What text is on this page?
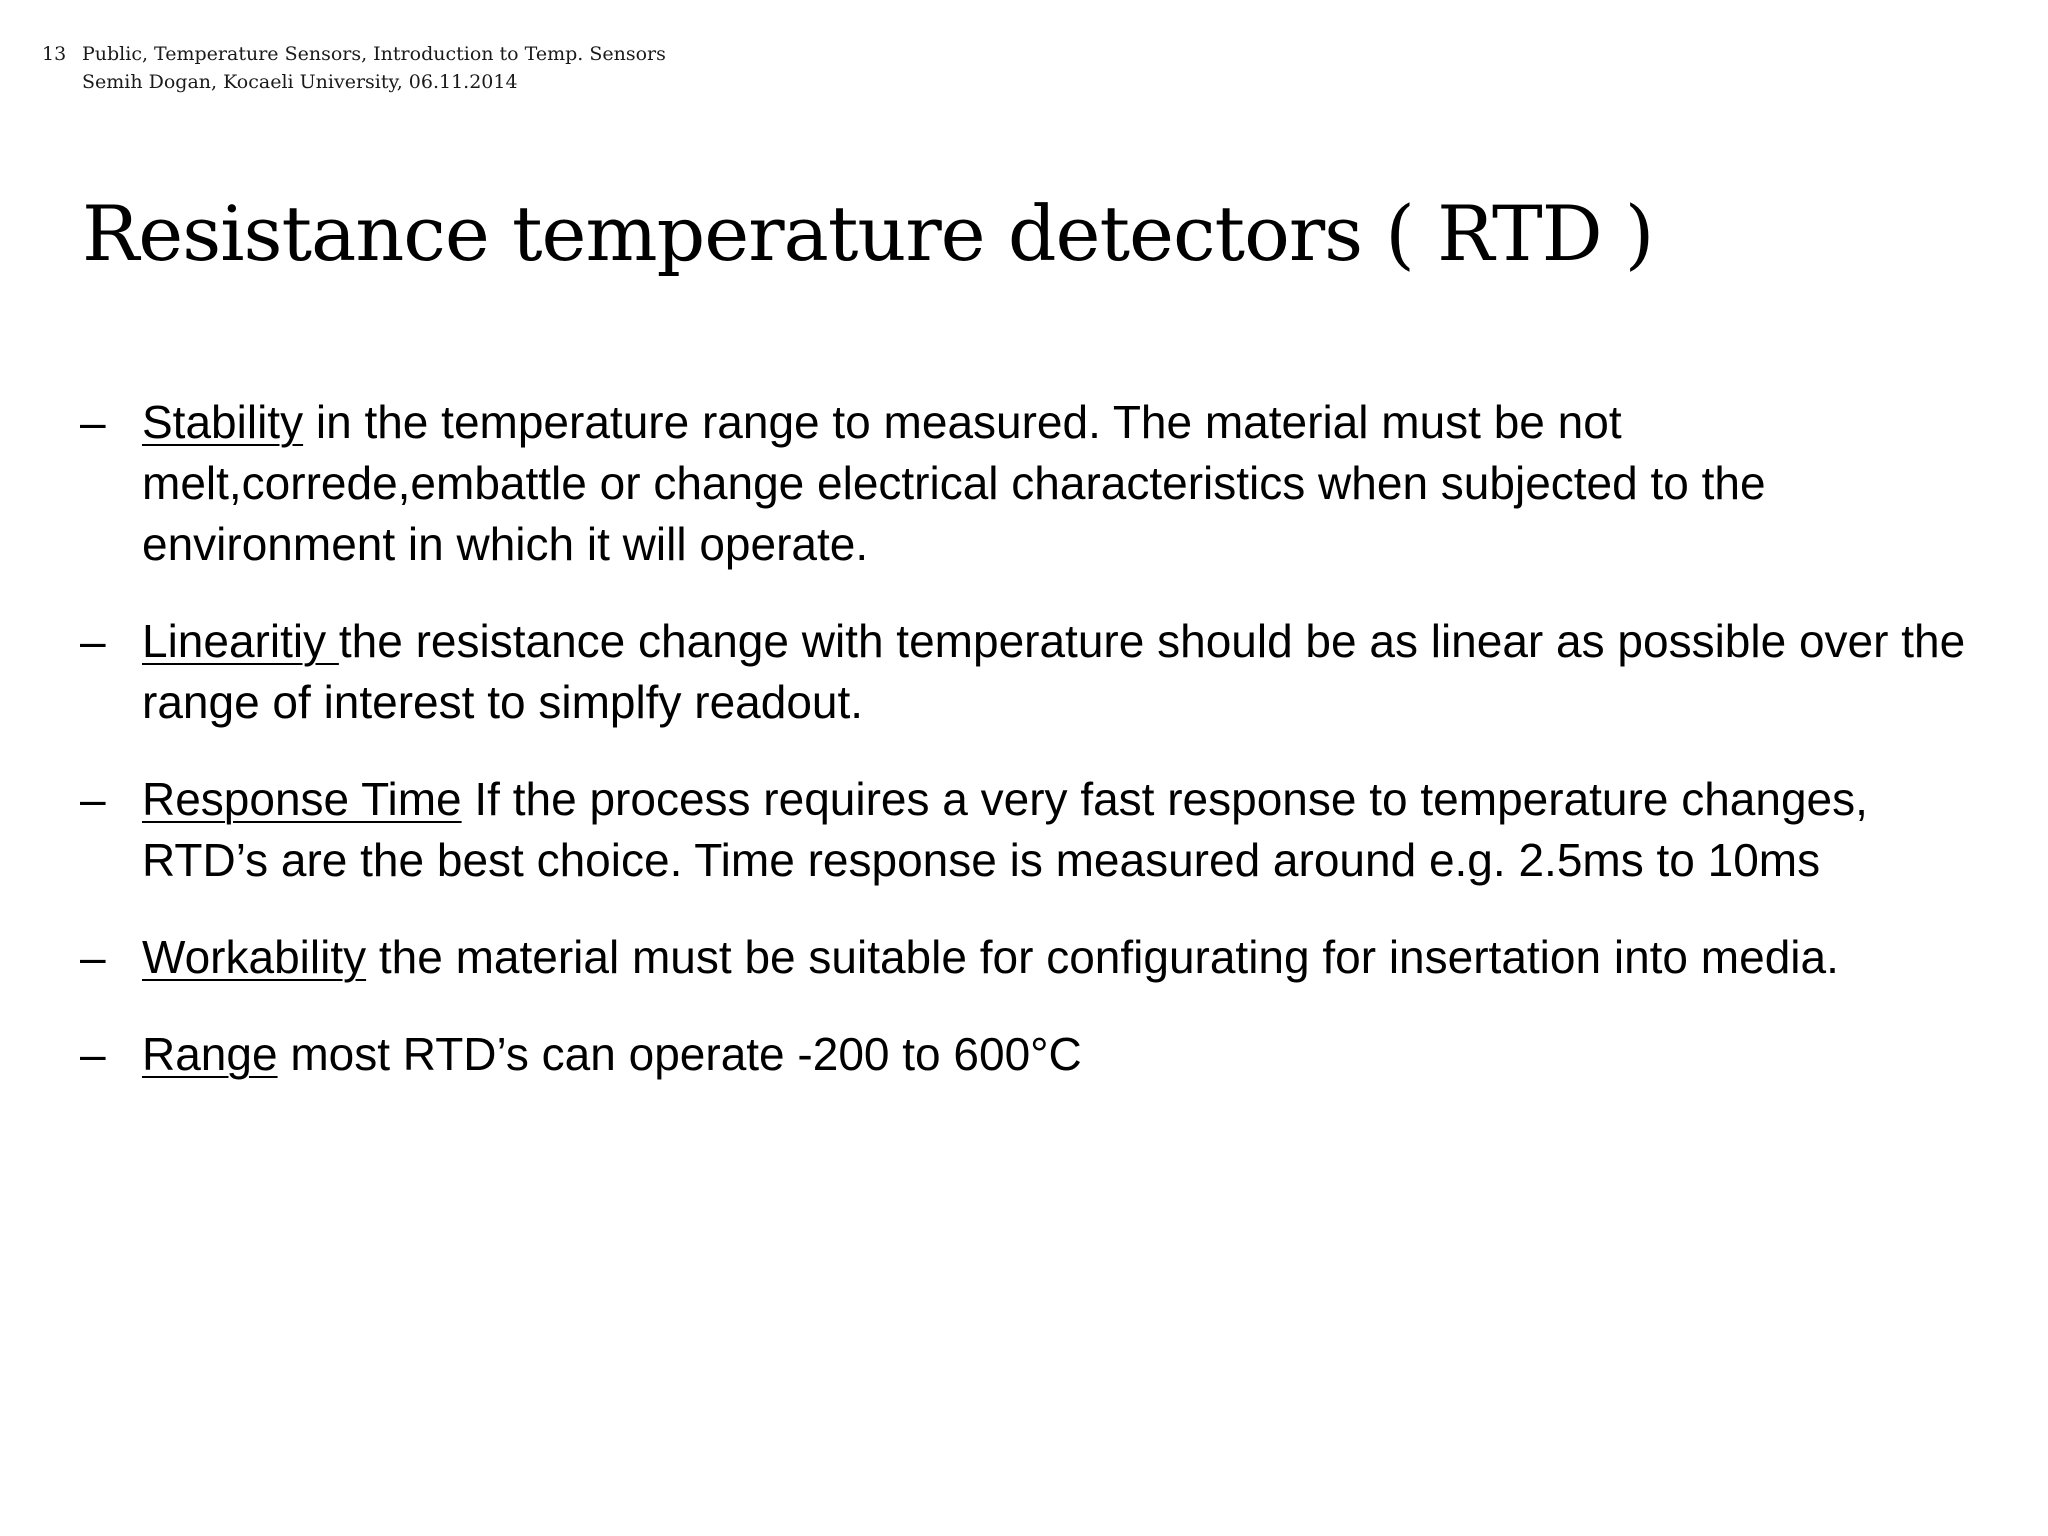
13 Public, Temperature Sensors, Introduction to Temp. Sensors
Semih Dogan, Kocaeli University, 06.11.2014
Resistance temperature detectors ( RTD )
– Stability in the temperature range to measured. The material must be not melt,correde,embattle or change electrical characteristics when subjected to the environment in which it will operate.
– Linearitiy the resistance change with temperature should be as linear as possible over the range of interest to simplfy readout.
– Response Time If the process requires a very fast response to temperature changes, RTD’s are the best choice. Time response is measured around e.g. 2.5ms to 10ms
– Workability the material must be suitable for configurating for insertation into media.
– Range most RTD’s can operate -200 to 600°C
